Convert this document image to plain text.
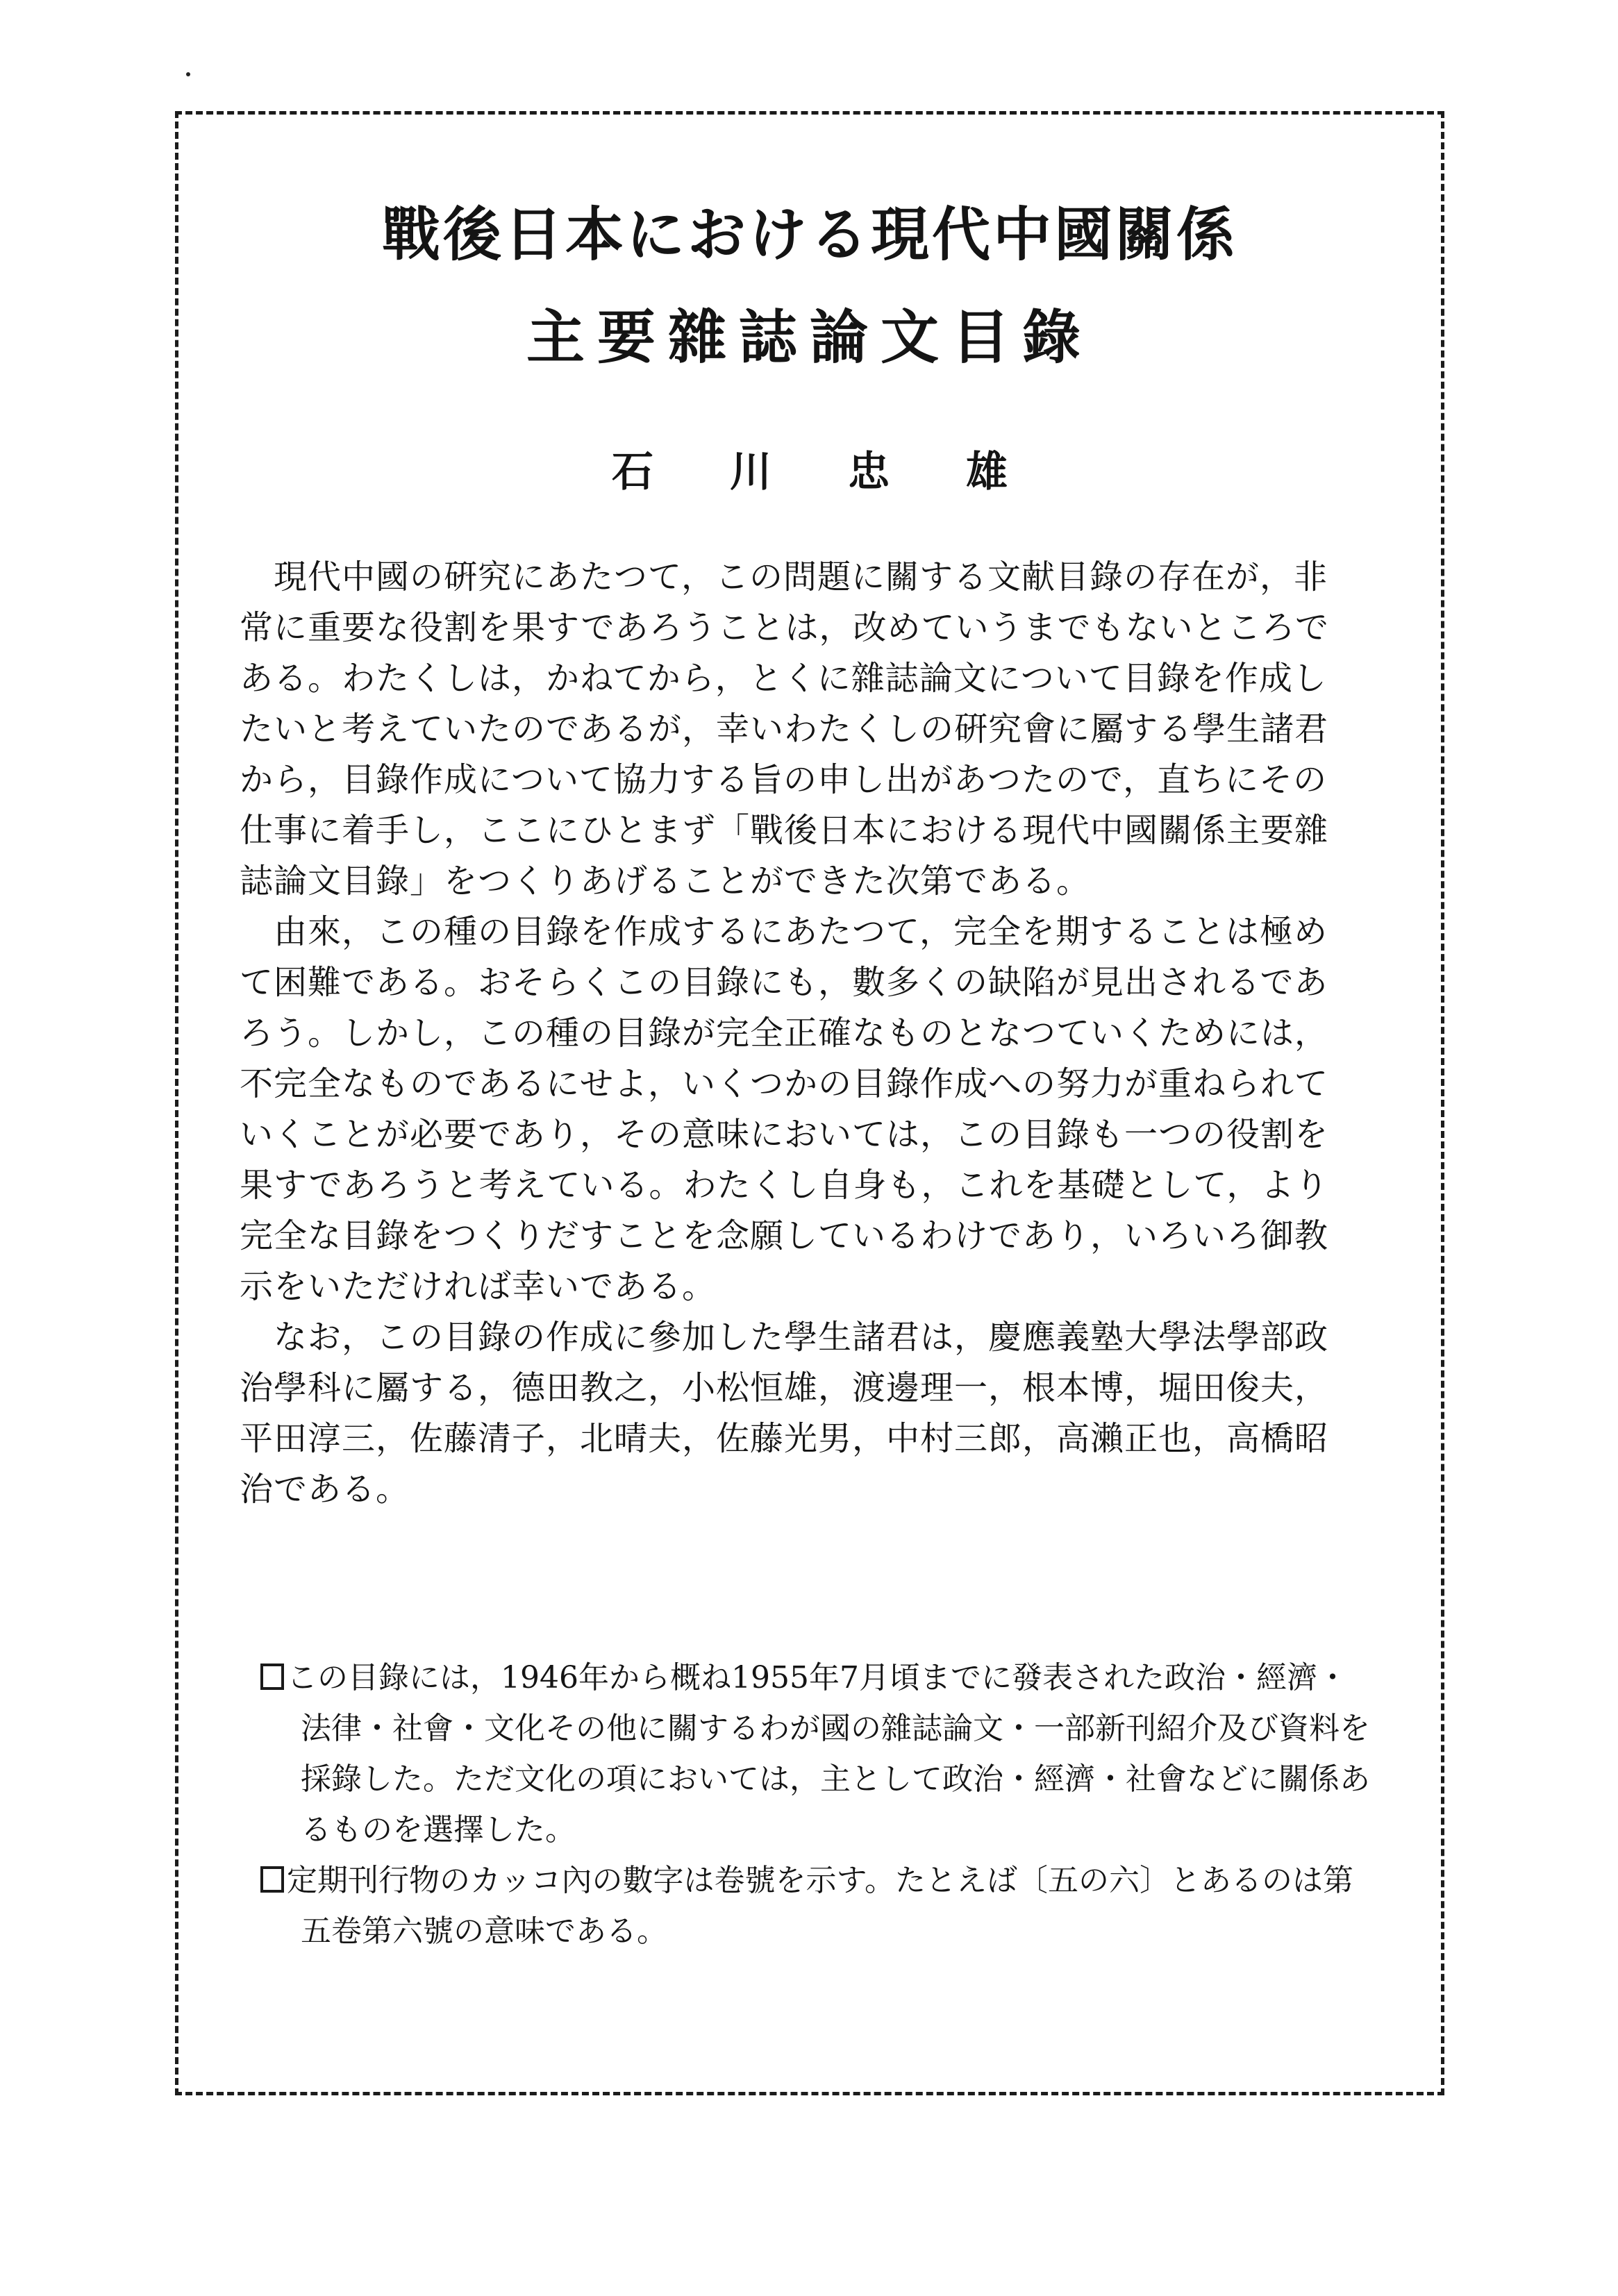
戰後日本における現代中國關係
主要雜誌論文目錄
石川忠雄
　現代中國の硏究にあたつて，この問題に關する文献目錄の存在が，非
常に重要な役割を果すであろうことは，改めていうまでもないところで
ある。わたくしは，かねてから，とくに雜誌論文について目錄を作成し
たいと考えていたのであるが，幸いわたくしの硏究會に屬する學生諸君
から，目錄作成について協力する旨の申し出があつたので，直ちにその
仕事に着手し，ここにひとまず「戰後日本における現代中國關係主要雜
誌論文目錄」をつくりあげることができた次第である。
　由來，この種の目錄を作成するにあたつて，完全を期することは極め
て困難である。おそらくこの目錄にも，數多くの缺陷が見出されるであ
ろう。しかし，この種の目錄が完全正確なものとなつていくためには，
不完全なものであるにせよ，いくつかの目錄作成への努力が重ねられて
いくことが必要であり，その意味においては，この目錄も一つの役割を
果すであろうと考えている。わたくし自身も，これを基礎として，より
完全な目錄をつくりだすことを念願しているわけであり，いろいろ御教
示をいただければ幸いである。
　なお，この目錄の作成に參加した學生諸君は，慶應義塾大學法學部政
治學科に屬する，德田教之，小松恒雄，渡邊理一，根本博，堀田俊夫，
平田淳三，佐藤清子，北晴夫，佐藤光男，中村三郎，高瀨正也，高橋昭
治である。
この目錄には，1946年から概ね1955年7月頃までに發表された政治・經濟・
法律・社會・文化その他に關するわが國の雜誌論文・一部新刊紹介及び資料を
採錄した。ただ文化の項においては，主として政治・經濟・社會などに關係あ
るものを選擇した。
定期刊行物のカッコ內の數字は卷號を示す。たとえば〔五の六〕とあるのは第
五卷第六號の意味である。
